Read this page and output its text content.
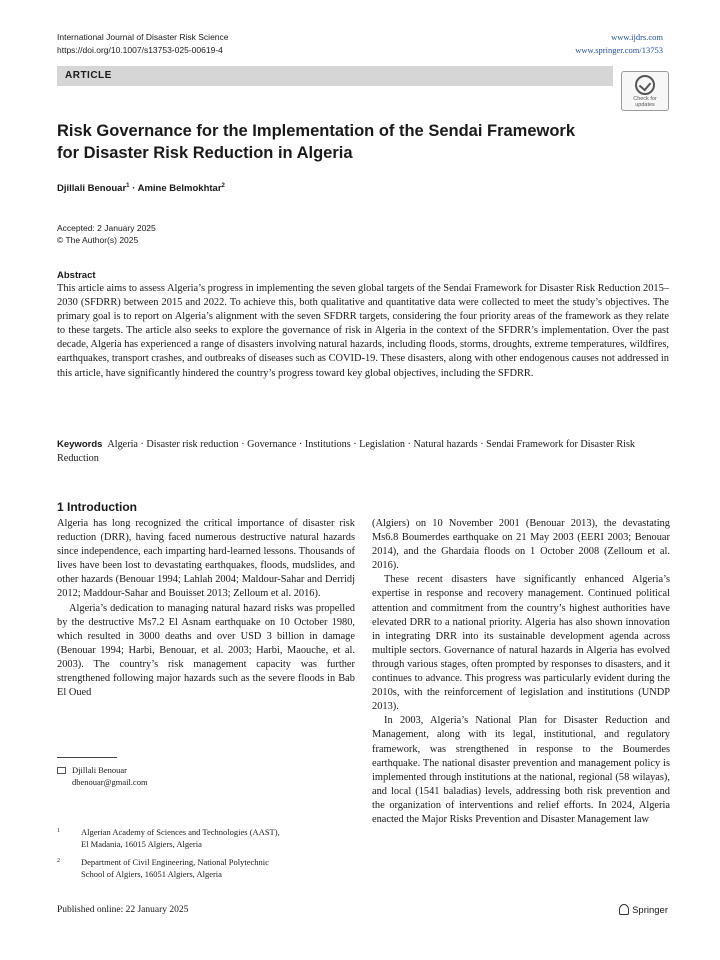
International Journal of Disaster Risk Science
https://doi.org/10.1007/s13753-025-00619-4
www.ijdrs.com
www.springer.com/13753
ARTICLE
Check for
updates
Risk Governance for the Implementation of the Sendai Framework
for Disaster Risk Reduction in Algeria
Djillali Benouar$^1$ · Amine Belmokhtar$^2$
Accepted: 2 January 2025
© The Author(s) 2025
Abstract
This article aims to assess Algeria’s progress in implementing the seven global targets of the Sendai Framework for Disaster Risk Reduction 2015–2030 (SFDRR) between 2015 and 2022. To achieve this, both qualitative and quantitative data were collected to meet the study’s objectives. The primary goal is to report on Algeria’s alignment with the seven SFDRR targets, considering the four priority areas of the framework as they relate to these targets. The article also seeks to explore the governance of risk in Algeria in the context of the SFDRR’s implementation. Over the past decade, Algeria has experienced a range of disasters involving natural hazards, including floods, storms, droughts, extreme temperatures, wildfires, earthquakes, transport crashes, and outbreaks of diseases such as COVID-19. These disasters, along with other endogenous causes not addressed in this article, have significantly hindered the country’s progress toward key global objectives, including the SFDRR.
Keywords Algeria · Disaster risk reduction · Governance · Institutions · Legislation · Natural hazards · Sendai Framework for Disaster Risk Reduction
1 Introduction

Algeria has long recognized the critical importance of disaster risk reduction (DRR), having faced numerous destructive natural hazards since independence, each imparting hard-learned lessons. Thousands of lives have been lost to devastating earthquakes, floods, mudslides, and other hazards (Benouar 1994; Lahlah 2004; Maldour-Sahar and Derridj 2012; Maddour-Sahar and Bouisset 2013; Zelloum et al. 2016).

Algeria’s dedication to managing natural hazard risks was propelled by the destructive Ms7.2 El Asnam earthquake on 10 October 1980, which resulted in 3000 deaths and over USD 3 billion in damage (Benouar 1994; Harbi, Benouar, et al. 2003; Harbi, Maouche, et al. 2003). The country’s risk management capacity was further strengthened following major hazards such as the severe floods in Bab El Oued

(Algiers) on 10 November 2001 (Benouar 2013), the devastating Ms6.8 Boumerdes earthquake on 21 May 2003 (EERI 2003; Benouar 2014), and the Ghardaia floods on 1 October 2008 (Zelloum et al. 2016).

These recent disasters have significantly enhanced Algeria’s expertise in response and recovery management. Continued political attention and commitment from the country’s highest authorities have elevated DRR to a national priority. Algeria has also shown innovation in integrating DRR into its sustainable development agenda across multiple sectors. Governance of natural hazards in Algeria has evolved through various stages, often prompted by responses to disasters, and it continues to advance. This progress was particularly evident during the 2010s, with the reinforcement of legislation and institutions (UNDP 2013).

In 2003, Algeria’s National Plan for Disaster Reduction and Management, along with its legal, institutional, and regulatory framework, was strengthened in response to the Boumerdes earthquake. The national disaster prevention and management policy is implemented through institutions at the national, regional (58 wilayas), and local (1541 baladias) levels, addressing both risk prevention and the organization of interventions and relief efforts. In 2024, Algeria enacted the Major Risks Prevention and Disaster Management law

Djillali Benouar
dbenouar@gmail.com
1 Algerian Academy of Sciences and Technologies (AAST),
El Madania, 16015 Algiers, Algeria
2 Department of Civil Engineering, National Polytechnic
School of Algiers, 16051 Algiers, Algeria
Published online: 22 January 2025	Springer
